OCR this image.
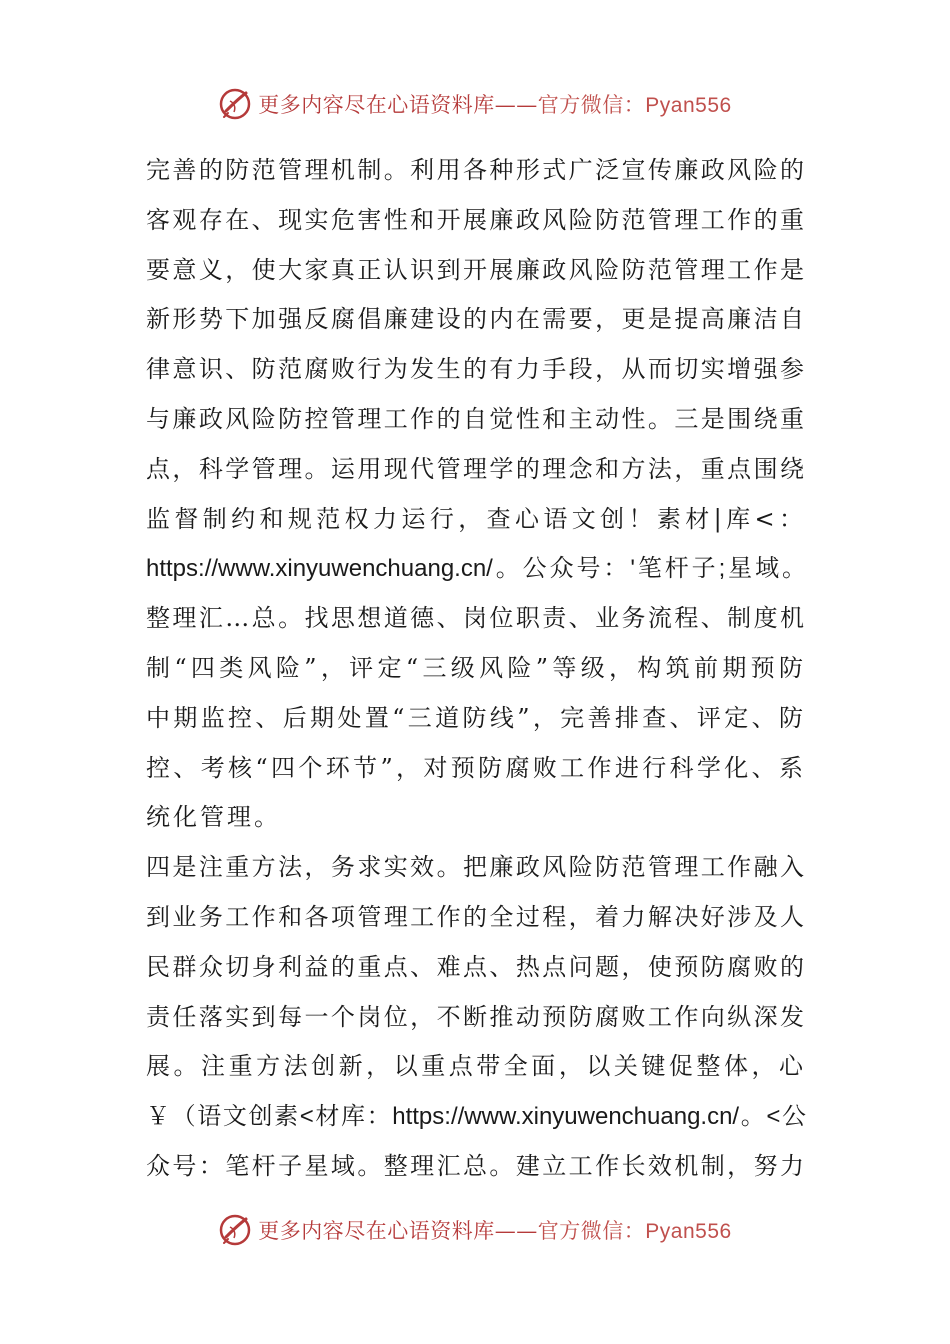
更多内容尽在心语资料库——官方微信：Pyan556
完善的防范管理机制。利用各种形式广泛宣传廉政风险的
客观存在、现实危害性和开展廉政风险防范管理工作的重
要意义，使大家真正认识到开展廉政风险防范管理工作是
新形势下加强反腐倡廉建设的内在需要，更是提高廉洁自
律意识、防范腐败行为发生的有力手段，从而切实增强参
与廉政风险防控管理工作的自觉性和主动性。三是围绕重
点，科学管理。运用现代管理学的理念和方法，重点围绕
监督制约和规范权力运行，查心语文创！素材|库<：
https://www.xinyuwenchuang.cn/。公众号：'笔杆子;星域。
整理汇…总。找思想道德、岗位职责、业务流程、制度机
制“四类风险”，评定“三级风险”等级，构筑前期预防
中期监控、后期处置“三道防线”，完善排查、评定、防
控、考核“四个环节”，对预防腐败工作进行科学化、系
统化管理。
四是注重方法，务求实效。把廉政风险防范管理工作融入
到业务工作和各项管理工作的全过程，着力解决好涉及人
民群众切身利益的重点、难点、热点问题，使预防腐败的
责任落实到每一个岗位，不断推动预防腐败工作向纵深发
展。注重方法创新，以重点带全面，以关键促整体，心
￥（语文创素<材库：https://www.xinyuwenchuang.cn/。<公
众号：笔杆子星域。整理汇总。建立工作长效机制，努力
更多内容尽在心语资料库——官方微信：Pyan556
